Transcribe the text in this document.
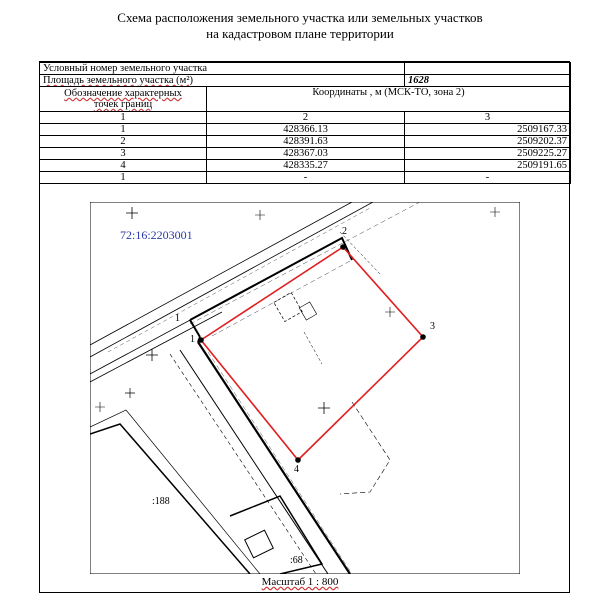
Схема расположения земельного участка или земельных участков
на кадастровом плане территории
Условный номер земельного участка		
Площадь земельного участка (м²)		1628
Обозначение характерных
точек границ	Координаты , м (МСК-ТО, зона 2)	
1	2	3
1	428366.13	2509167.33
2	428391.63	2509202.37
3	428367.03	2509225.27
4	428335.27	2509191.65
1	-	-
1
2
3
4
1
:188
:68
72:16:2203001
Масштаб 1 : 800
